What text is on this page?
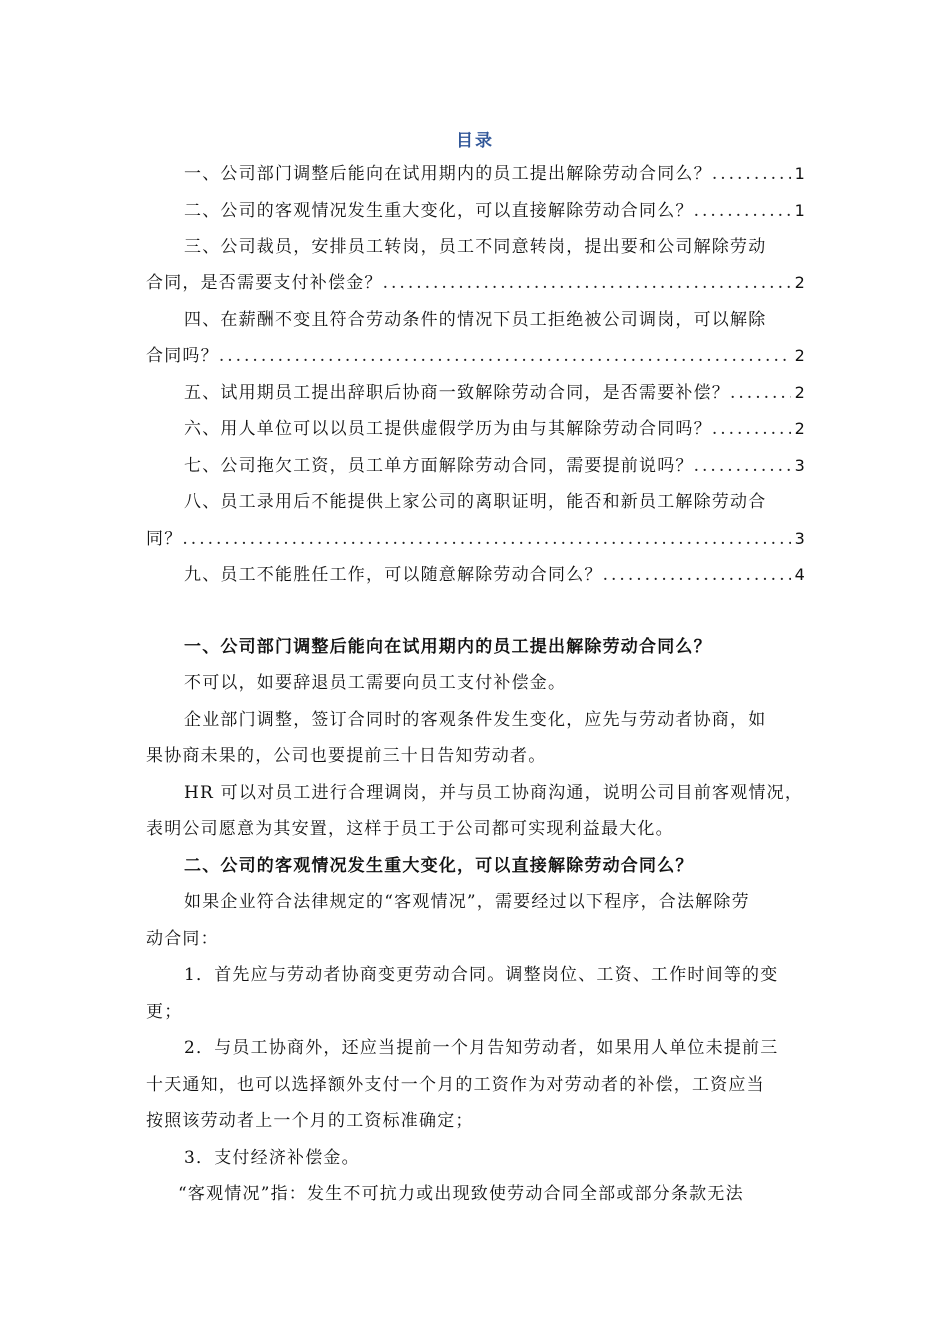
目录
一、公司部门调整后能向在试用期内的员工提出解除劳动合同么？ .....	1
二、公司的客观情况发生重大变化，可以直接解除劳动合同么？ .....	1
三、公司裁员，安排员工转岗，员工不同意转岗，提出要和公司解除劳动
合同，是否需要支付补偿金？ .....	2
四、在薪酬不变且符合劳动条件的情况下员工拒绝被公司调岗，可以解除
合同吗？ .....	2
五、试用期员工提出辞职后协商一致解除劳动合同，是否需要补偿？ .....	2
六、用人单位可以以员工提供虚假学历为由与其解除劳动合同吗？ .....	2
七、公司拖欠工资，员工单方面解除劳动合同，需要提前说吗？ .....	3
八、员工录用后不能提供上家公司的离职证明，能否和新员工解除劳动合
同？ .....	3
九、员工不能胜任工作，可以随意解除劳动合同么？ .....	4
一、公司部门调整后能向在试用期内的员工提出解除劳动合同么？
不可以，如要辞退员工需要向员工支付补偿金。
企业部门调整，签订合同时的客观条件发生变化，应先与劳动者协商，如
果协商未果的，公司也要提前三十日告知劳动者。
HR 可以对员工进行合理调岗，并与员工协商沟通，说明公司目前客观情况，
表明公司愿意为其安置，这样于员工于公司都可实现利益最大化。
二、公司的客观情况发生重大变化，可以直接解除劳动合同么？
如果企业符合法律规定的“客观情况”，需要经过以下程序，合法解除劳
动合同：
1．首先应与劳动者协商变更劳动合同。调整岗位、工资、工作时间等的变
更；
2．与员工协商外，还应当提前一个月告知劳动者，如果用人单位未提前三
十天通知，也可以选择额外支付一个月的工资作为对劳动者的补偿，工资应当
按照该劳动者上一个月的工资标准确定；
3．支付经济补偿金。
“客观情况”指：发生不可抗力或出现致使劳动合同全部或部分条款无法
